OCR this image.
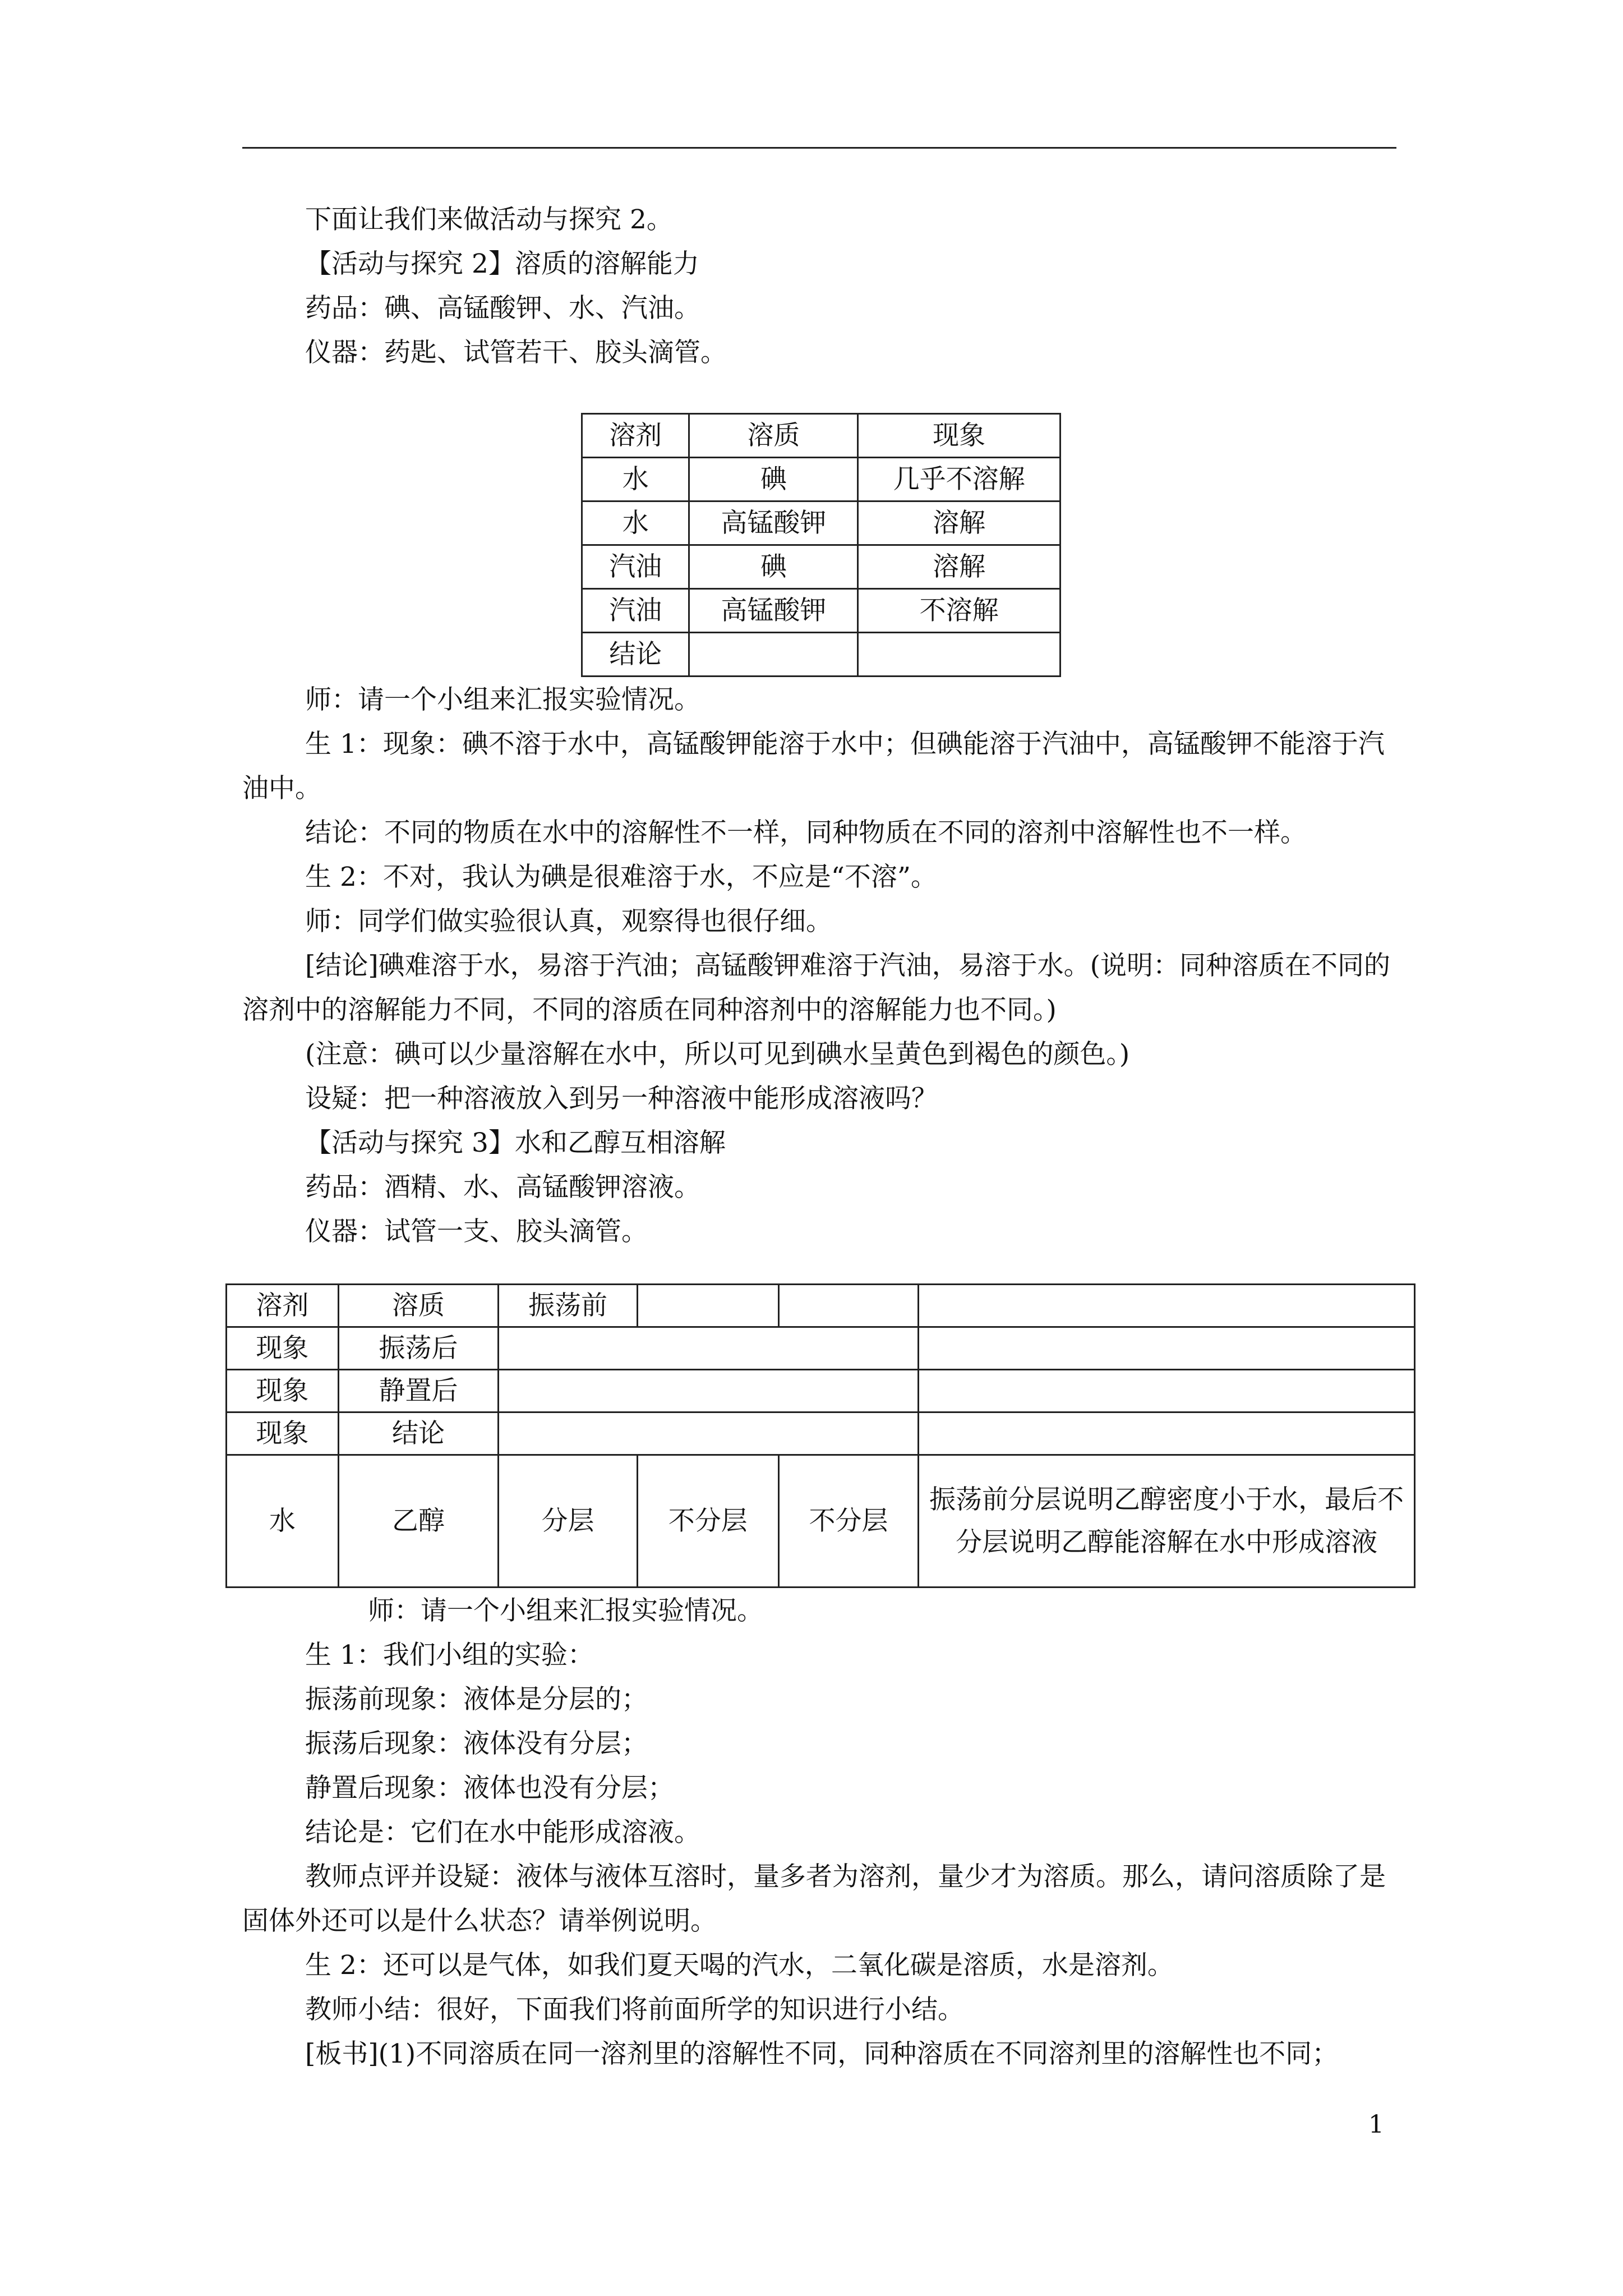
下面让我们来做活动与探究 2。

【活动与探究 2】溶质的溶解能力

药品：碘、高锰酸钾、水、汽油。

仪器：药匙、试管若干、胶头滴管。

溶剂	溶质	现象
水	碘	几乎不溶解
水	高锰酸钾	溶解
汽油	碘	溶解
汽油	高锰酸钾	不溶解
结论		

师：请一个小组来汇报实验情况。

生 1：现象：碘不溶于水中，高锰酸钾能溶于水中；但碘能溶于汽油中，高锰酸钾不能溶于汽油中。

结论：不同的物质在水中的溶解性不一样，同种物质在不同的溶剂中溶解性也不一样。

生 2：不对，我认为碘是很难溶于水，不应是“不溶”。

师：同学们做实验很认真，观察得也很仔细。

[结论]碘难溶于水，易溶于汽油；高锰酸钾难溶于汽油，易溶于水。(说明：同种溶质在不同的溶剂中的溶解能力不同，不同的溶质在同种溶剂中的溶解能力也不同。)

(注意：碘可以少量溶解在水中，所以可见到碘水呈黄色到褐色的颜色。)

设疑：把一种溶液放入到另一种溶液中能形成溶液吗？

【活动与探究 3】水和乙醇互相溶解

药品：酒精、水、高锰酸钾溶液。

仪器：试管一支、胶头滴管。

溶剂	溶质	振荡前			
现象	振荡后				
现象	静置后				
现象	结论				
水	乙醇	分层	不分层	不分层	振荡前分层说明乙醇密度小于水，最后不分层说明乙醇能溶解在水中形成溶液

师：请一个小组来汇报实验情况。

生 1：我们小组的实验：

振荡前现象：液体是分层的；

振荡后现象：液体没有分层；

静置后现象：液体也没有分层；

结论是：它们在水中能形成溶液。

教师点评并设疑：液体与液体互溶时，量多者为溶剂，量少才为溶质。那么，请问溶质除了是固体外还可以是什么状态？请举例说明。

生 2：还可以是气体，如我们夏天喝的汽水，二氧化碳是溶质，水是溶剂。

教师小结：很好，下面我们将前面所学的知识进行小结。

[板书](1)不同溶质在同一溶剂里的溶解性不同，同种溶质在不同溶剂里的溶解性也不同；

1
